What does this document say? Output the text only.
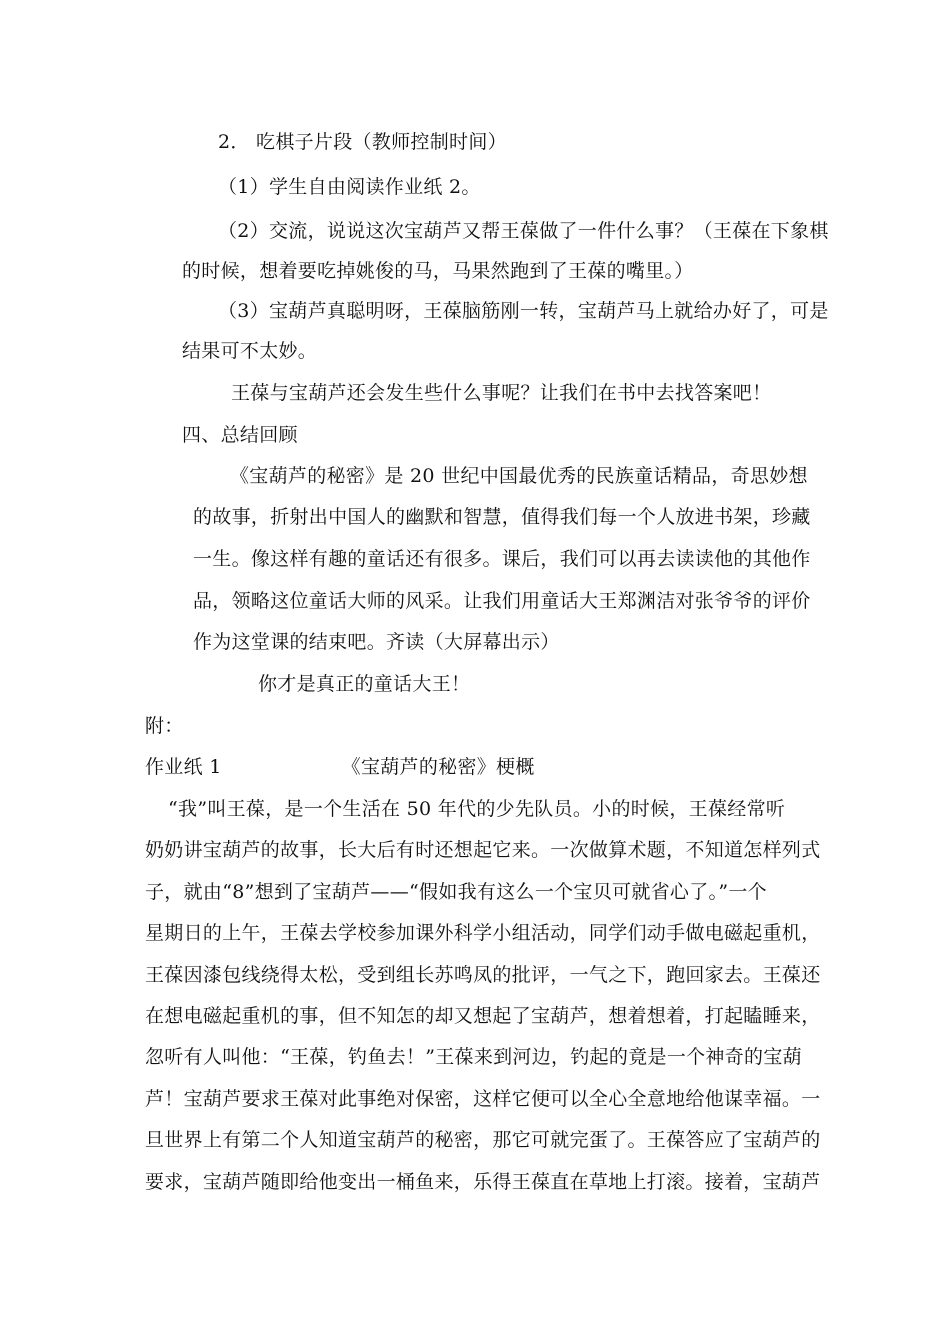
2． 吃棋子片段（教师控制时间）
（1）学生自由阅读作业纸 2。
（2）交流，说说这次宝葫芦又帮王葆做了一件什么事？（王葆在下象棋
的时候，想着要吃掉姚俊的马，马果然跑到了王葆的嘴里。）
（3）宝葫芦真聪明呀，王葆脑筋刚一转，宝葫芦马上就给办好了，可是
结果可不太妙。
王葆与宝葫芦还会发生些什么事呢？让我们在书中去找答案吧！
四、总结回顾
《宝葫芦的秘密》是 20 世纪中国最优秀的民族童话精品，奇思妙想
的故事，折射出中国人的幽默和智慧，值得我们每一个人放进书架，珍藏
一生。像这样有趣的童话还有很多。课后，我们可以再去读读他的其他作
品，领略这位童话大师的风采。让我们用童话大王郑渊洁对张爷爷的评价
作为这堂课的结束吧。齐读（大屏幕出示）
你才是真正的童话大王！
附：
作业纸 1	《宝葫芦的秘密》梗概
“我”叫王葆，是一个生活在 50 年代的少先队员。小的时候，王葆经常听
奶奶讲宝葫芦的故事，长大后有时还想起它来。一次做算术题，不知道怎样列式
子，就由“8”想到了宝葫芦——“假如我有这么一个宝贝可就省心了。”一个
星期日的上午，王葆去学校参加课外科学小组活动，同学们动手做电磁起重机，
王葆因漆包线绕得太松，受到组长苏鸣凤的批评，一气之下，跑回家去。王葆还
在想电磁起重机的事，但不知怎的却又想起了宝葫芦，想着想着，打起瞌睡来，
忽听有人叫他：“王葆，钓鱼去！”王葆来到河边，钓起的竟是一个神奇的宝葫
芦！宝葫芦要求王葆对此事绝对保密，这样它便可以全心全意地给他谋幸福。一
旦世界上有第二个人知道宝葫芦的秘密，那它可就完蛋了。王葆答应了宝葫芦的
要求，宝葫芦随即给他变出一桶鱼来，乐得王葆直在草地上打滚。接着，宝葫芦
